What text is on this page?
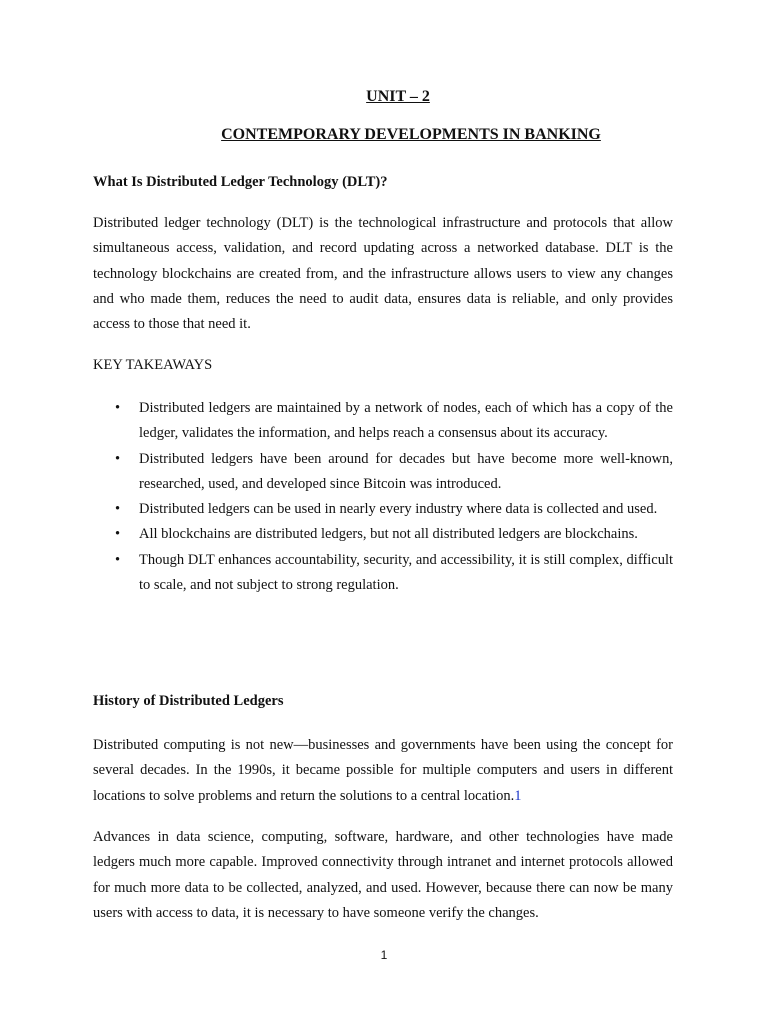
UNIT – 2

CONTEMPORARY DEVELOPMENTS IN BANKING

What Is Distributed Ledger Technology (DLT)?

Distributed ledger technology (DLT) is the technological infrastructure and protocols that allow simultaneous access, validation, and record updating across a networked database. DLT is the technology blockchains are created from, and the infrastructure allows users to view any changes and who made them, reduces the need to audit data, ensures data is reliable, and only provides access to those that need it.

KEY TAKEAWAYS

• Distributed ledgers are maintained by a network of nodes, each of which has a copy of the ledger, validates the information, and helps reach a consensus about its accuracy.
• Distributed ledgers have been around for decades but have become more well-known, researched, used, and developed since Bitcoin was introduced.
• Distributed ledgers can be used in nearly every industry where data is collected and used.
• All blockchains are distributed ledgers, but not all distributed ledgers are blockchains.
• Though DLT enhances accountability, security, and accessibility, it is still complex, difficult to scale, and not subject to strong regulation.

History of Distributed Ledgers

Distributed computing is not new—businesses and governments have been using the concept for several decades. In the 1990s, it became possible for multiple computers and users in different locations to solve problems and return the solutions to a central location.1

Advances in data science, computing, software, hardware, and other technologies have made ledgers much more capable. Improved connectivity through intranet and internet protocols allowed for much more data to be collected, analyzed, and used. However, because there can now be many users with access to data, it is necessary to have someone verify the changes.

1
